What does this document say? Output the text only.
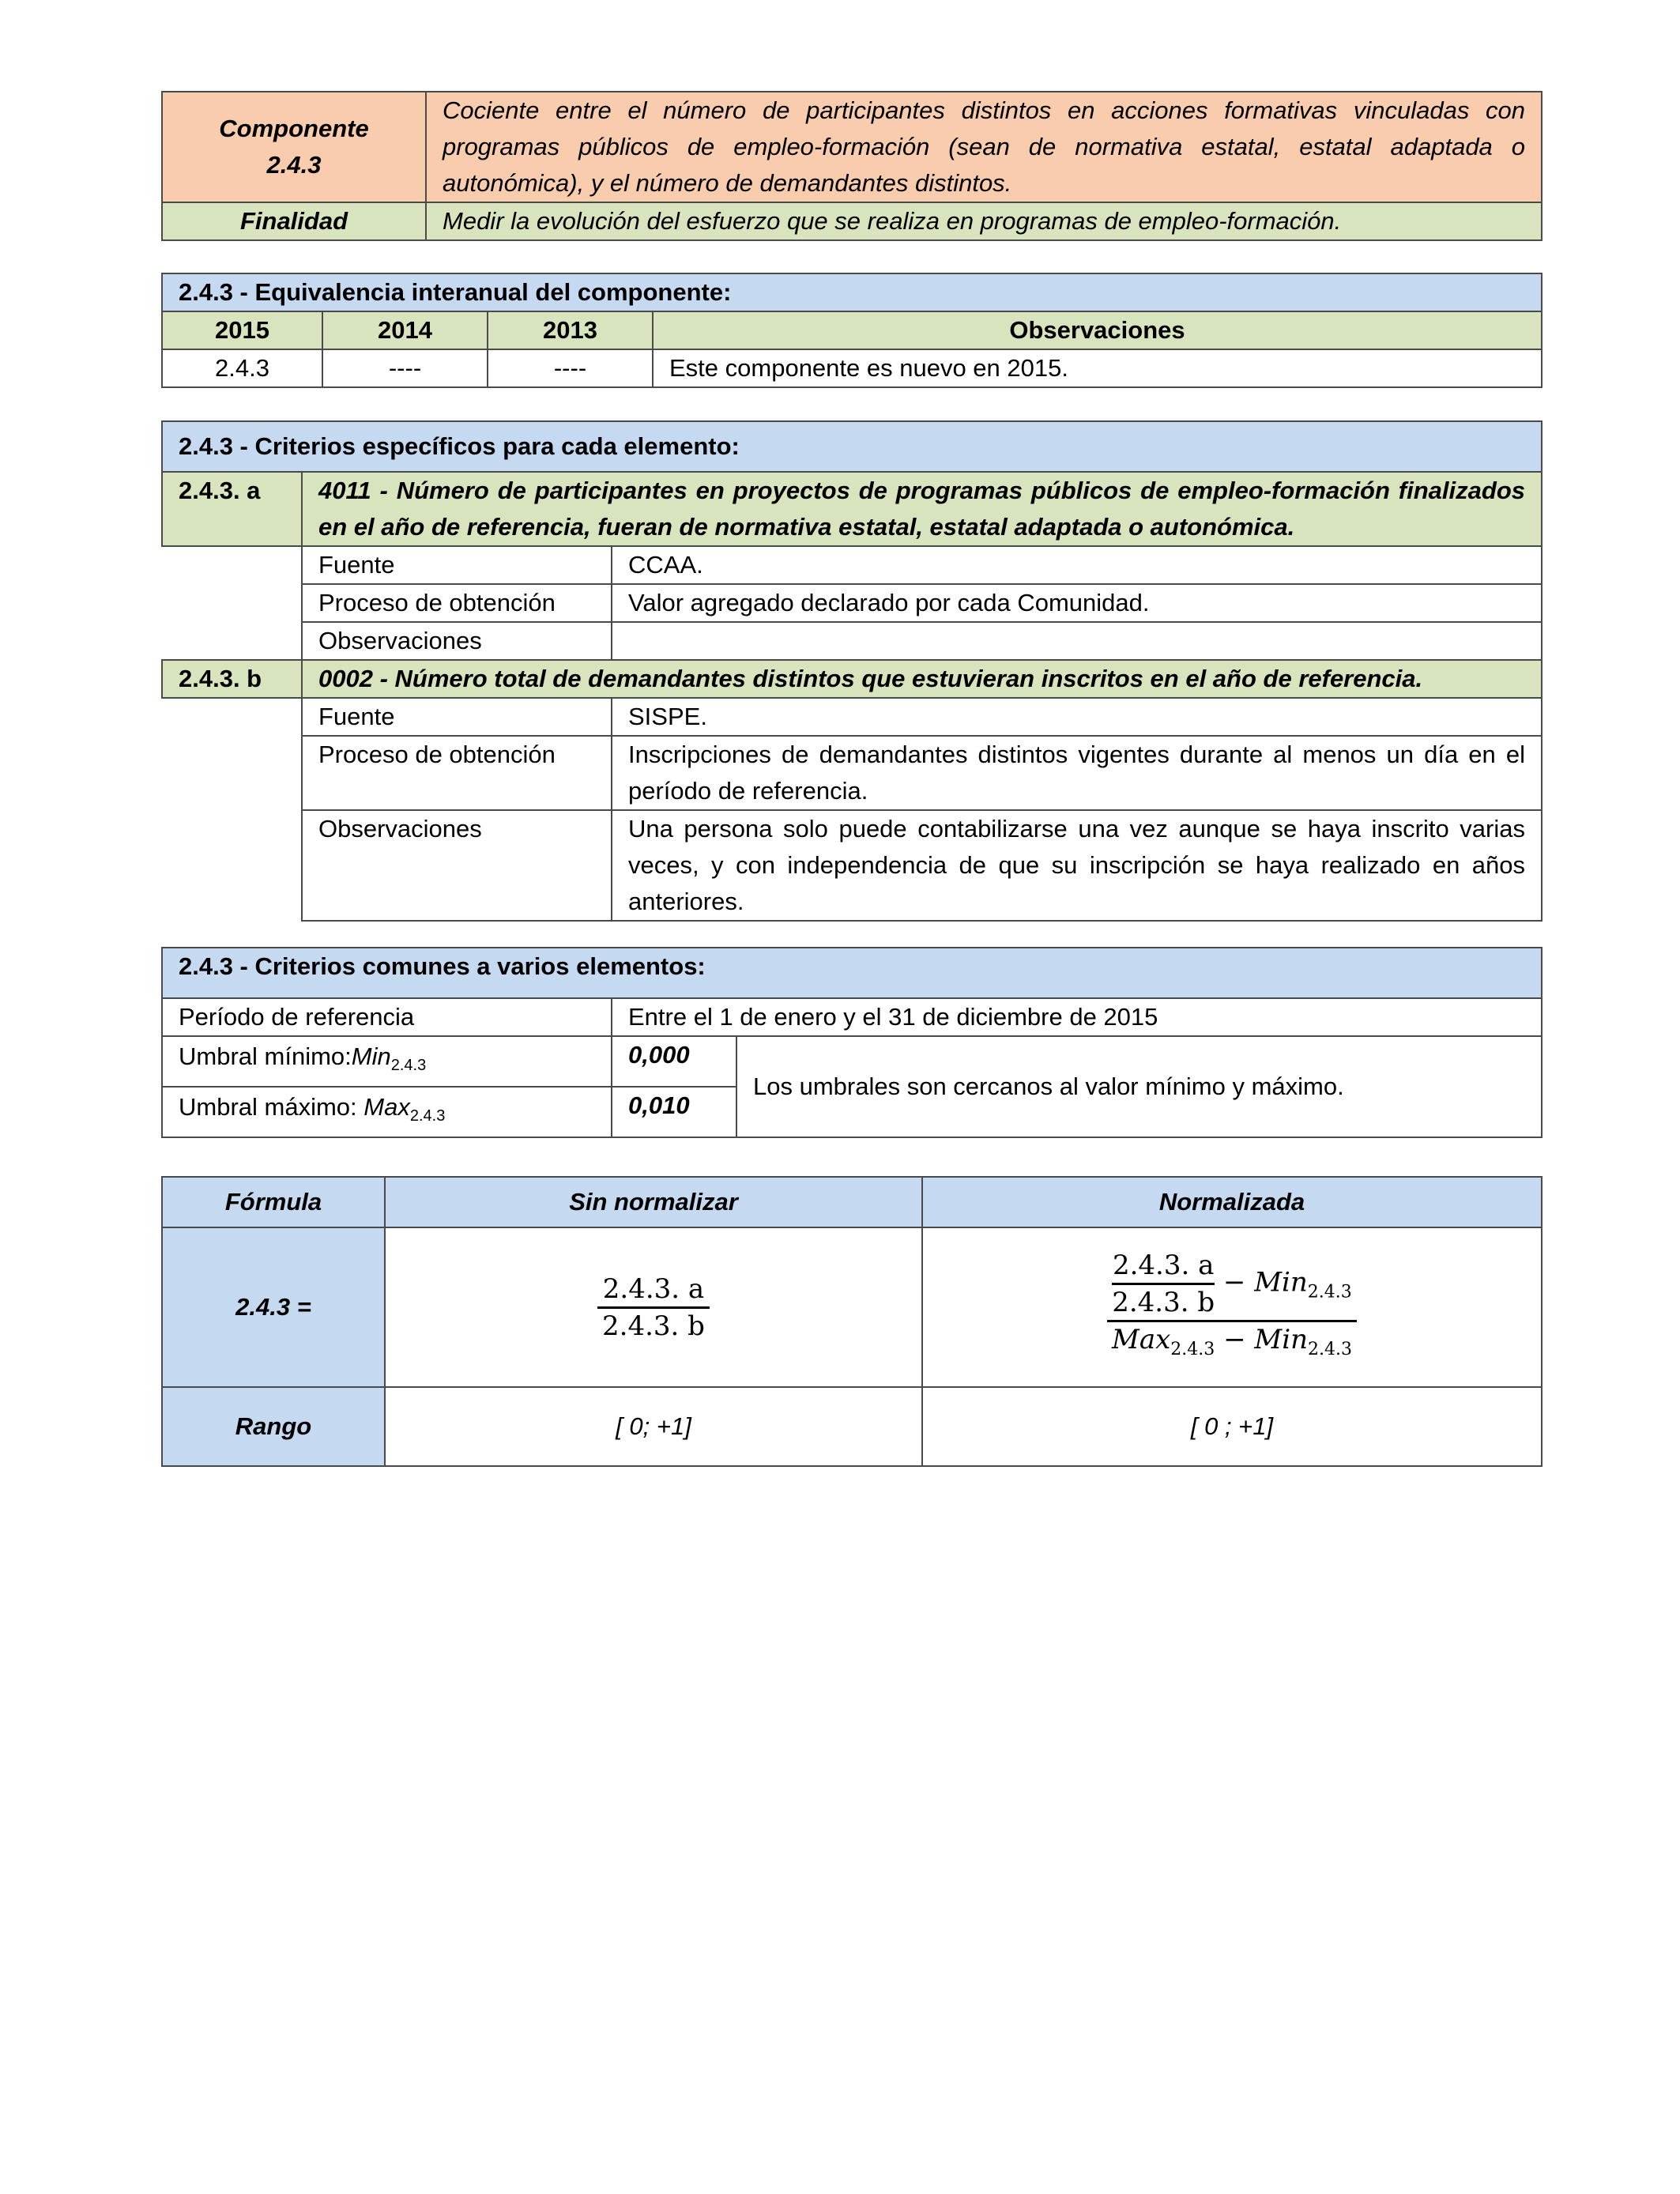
Componente
2.4.3	Cociente entre el número de participantes distintos en acciones formativas vinculadas con programas públicos de empleo-formación (sean de normativa estatal, estatal adaptada o autonómica), y el número de demandantes distintos.
Finalidad	Medir la evolución del esfuerzo que se realiza en programas de empleo-formación.
2.4.3 - Equivalencia interanual del componente:			
2015	2014	2013	Observaciones
2.4.3	----	----	Este componente es nuevo en 2015.
2.4.3 - Criterios específicos para cada elemento:		
2.4.3. a	4011 - Número de participantes en proyectos de programas públicos de empleo-formación finalizados en el año de referencia, fueran de normativa estatal, estatal adaptada o autonómica.	
	Fuente	CCAA.
	Proceso de obtención	Valor agregado declarado por cada Comunidad.
	Observaciones	
2.4.3. b	0002 - Número total de demandantes distintos que estuvieran inscritos en el año de referencia.	
	Fuente	SISPE.
	Proceso de obtención	Inscripciones de demandantes distintos vigentes durante al menos un día en el período de referencia.
	Observaciones	Una persona solo puede contabilizarse una vez aunque se haya inscrito varias veces, y con independencia de que su inscripción se haya realizado en años anteriores.
2.4.3 - Criterios comunes a varios elementos:		
Período de referencia	Entre el 1 de enero y el 31 de diciembre de 2015	
Umbral mínimo:Min$_{2.4.3}$	0,000	Los umbrales son cercanos al valor mínimo y máximo.
Umbral máximo: Max$_{2.4.3}$	0,010	
Fórmula	Sin normalizar	Normalizada
2.4.3 =	$\frac{2.4.3. a}{2.4.3. b}$	$\frac{\frac{2.4.3. a}{2.4.3. b} - Min_{2.4.3}}{Max_{2.4.3} - Min_{2.4.3}}$

Rango	[ 0; +1]	[ 0 ; +1]
